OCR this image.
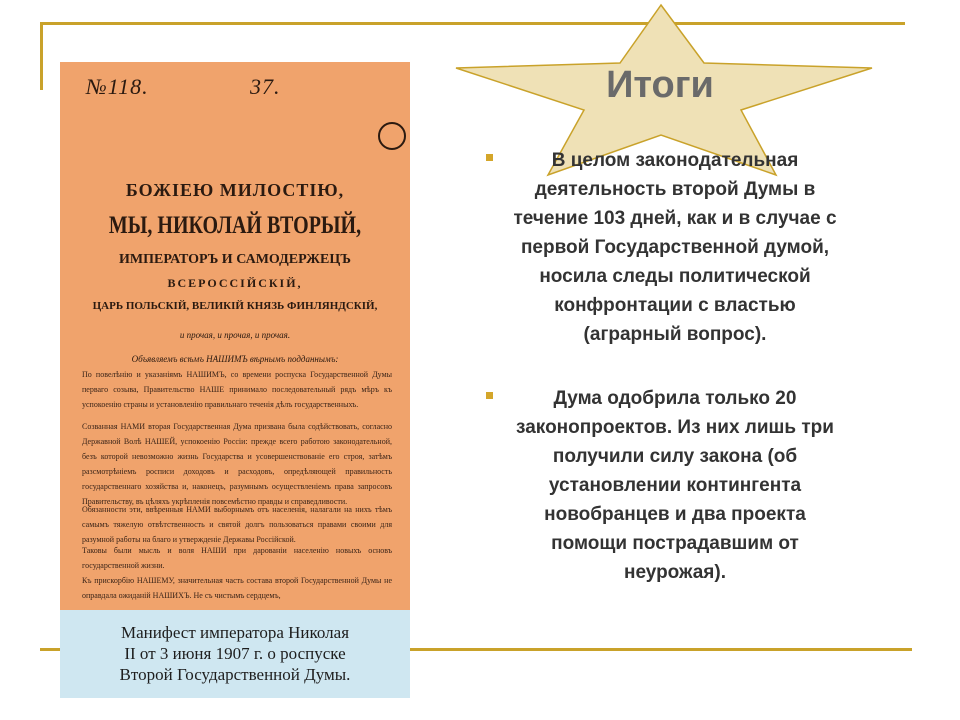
Итоги
№118.	37.
БОЖІЕЮ МИЛОСТІЮ,
МЫ, НИКОЛАЙ ВТОРЫЙ,
ИМПЕРАТОРЪ И САМОДЕРЖЕЦЪ
ВСЕРОССІЙСКІЙ,
ЦАРЬ ПОЛЬСКІЙ, ВЕЛИКІЙ КНЯЗЬ ФИНЛЯНДСКІЙ,
и прочая, и прочая, и прочая.
Объявляемъ всѣмъ НАШИМЪ вѣрнымъ подданнымъ:
По повелѣнію и указаніямъ НАШИМЪ, со времени роспуска Государственной Думы перваго созыва, Правительство НАШЕ принимало последовательный рядъ мѣръ къ успокоенію страны и установленію правильнаго теченія дѣлъ государственныхъ.
Созванная НАМИ вторая Государственная Дума призвана была содѣйствовать, согласно Державной Волѣ НАШЕЙ, успокоенію Россіи: прежде всего работою законодательной, безъ которой невозможно жизнь Государства и усовершенствованіе его строя, затѣмъ разсмотрѣніемъ росписи доходовъ и расходовъ, опредѣляющей правильность государственнаго хозяйства и, наконецъ, разумнымъ осуществленіемъ права запросовъ Правительству, въ цѣляхъ укрѣпленія повсемѣстно правды и справедливости.
Обязанности эти, ввѣренныя НАМИ выборнымъ отъ населенія, налагали на нихъ тѣмъ самымъ тяжелую отвѣтственность и святой долгъ пользоваться правами своими для разумной работы на благо и утвержденіе Державы Россійской.
Таковы были мысль и воля НАШИ при дарованіи населенію новыхъ основъ государственной жизни.
Къ прискорбію НАШЕМУ, значительная часть состава второй Государственной Думы не оправдала ожиданій НАШИХЪ. Не съ чистымъ сердцемъ,
Манифест императора Николая
II от 3 июня 1907 г. о роспуске
Второй Государственной Думы.
В целом законодательная
деятельность второй Думы в
течение 103 дней, как и в случае с
первой Государственной думой,
носила следы политической
конфронтации с властью
(аграрный вопрос).
Дума одобрила только 20
законопроектов. Из них лишь три
получили силу закона (об
установлении контингента
новобранцев и два проекта
помощи пострадавшим от
неурожая).
